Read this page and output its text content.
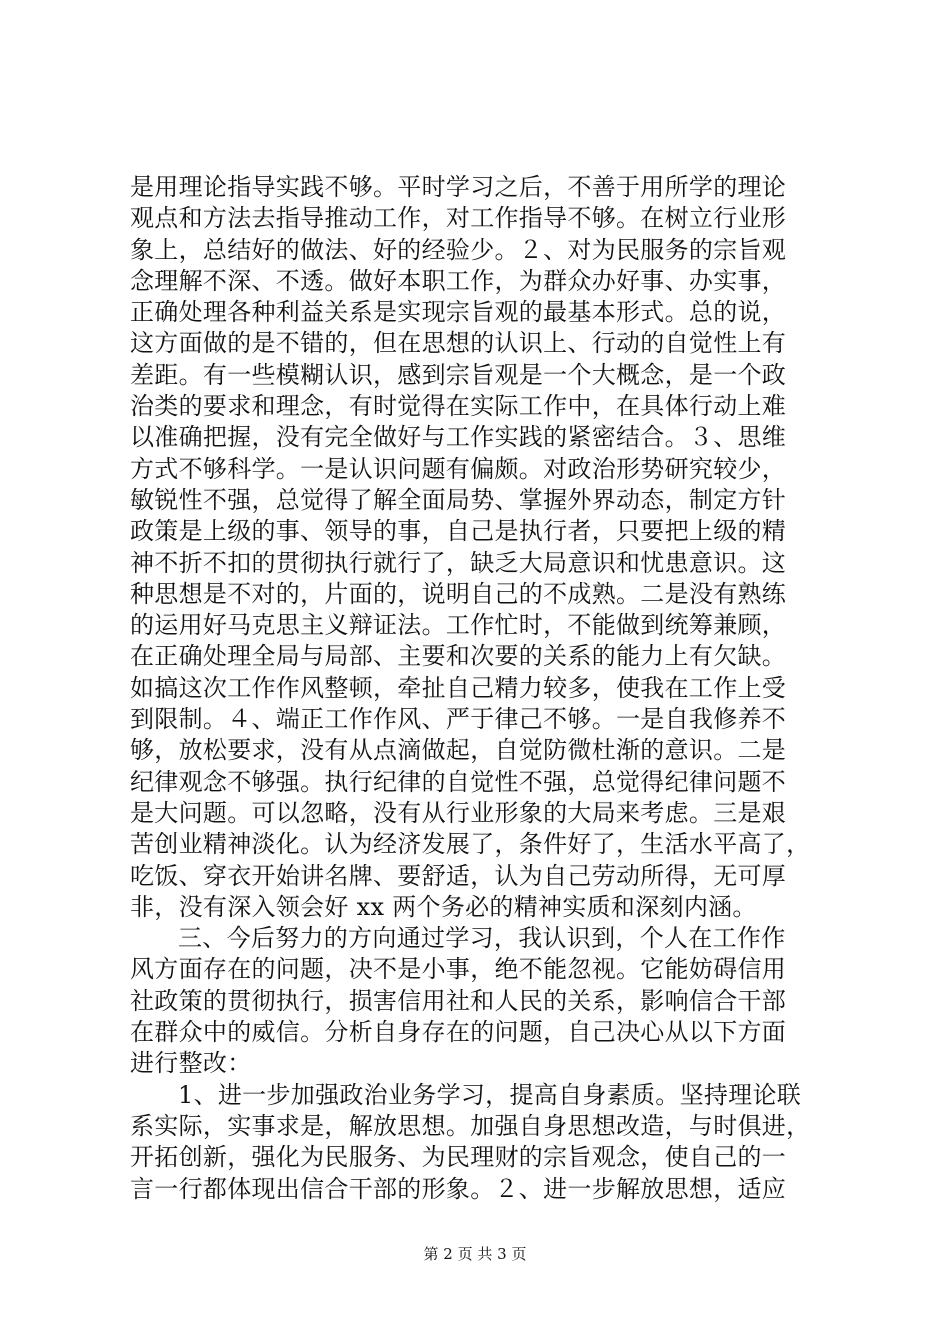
是用理论指导实践不够。平时学习之后，不善于用所学的理论
观点和方法去指导推动工作，对工作指导不够。在树立行业形
象上，总结好的做法、好的经验少。２、对为民服务的宗旨观
念理解不深、不透。做好本职工作，为群众办好事、办实事，
正确处理各种利益关系是实现宗旨观的最基本形式。总的说，
这方面做的是不错的，但在思想的认识上、行动的自觉性上有
差距。有一些模糊认识，感到宗旨观是一个大概念，是一个政
治类的要求和理念，有时觉得在实际工作中，在具体行动上难
以准确把握，没有完全做好与工作实践的紧密结合。３、思维
方式不够科学。一是认识问题有偏颇。对政治形势研究较少，
敏锐性不强，总觉得了解全面局势、掌握外界动态，制定方针
政策是上级的事、领导的事，自己是执行者，只要把上级的精
神不折不扣的贯彻执行就行了，缺乏大局意识和忧患意识。这
种思想是不对的，片面的，说明自己的不成熟。二是没有熟练
的运用好马克思主义辩证法。工作忙时，不能做到统筹兼顾，
在正确处理全局与局部、主要和次要的关系的能力上有欠缺。
如搞这次工作作风整顿，牵扯自己精力较多，使我在工作上受
到限制。４、端正工作作风、严于律己不够。一是自我修养不
够，放松要求，没有从点滴做起，自觉防微杜渐的意识。二是
纪律观念不够强。执行纪律的自觉性不强，总觉得纪律问题不
是大问题。可以忽略，没有从行业形象的大局来考虑。三是艰
苦创业精神淡化。认为经济发展了，条件好了，生活水平高了，
吃饭、穿衣开始讲名牌、要舒适，认为自己劳动所得，无可厚
非，没有深入领会好 xx 两个务必的精神实质和深刻内涵。
三、今后努力的方向通过学习，我认识到，个人在工作作
风方面存在的问题，决不是小事，绝不能忽视。它能妨碍信用
社政策的贯彻执行，损害信用社和人民的关系，影响信合干部
在群众中的威信。分析自身存在的问题，自己决心从以下方面
进行整改：
1、进一步加强政治业务学习，提高自身素质。坚持理论联
系实际，实事求是，解放思想。加强自身思想改造，与时俱进，
开拓创新，强化为民服务、为民理财的宗旨观念，使自己的一
言一行都体现出信合干部的形象。２、进一步解放思想，适应
第 2 页 共 3 页
